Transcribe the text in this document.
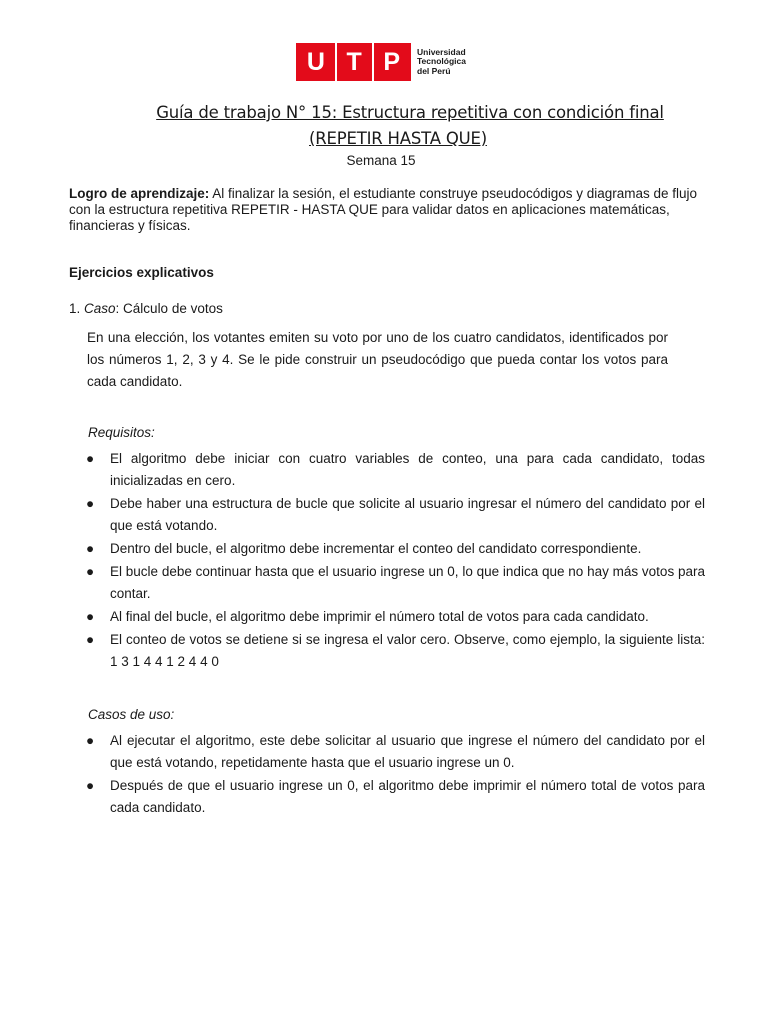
U T P Universidad
Tecnológica
del Perú
Guía de trabajo N° 15: Estructura repetitiva con condición final
(REPETIR HASTA QUE)
Semana 15
Logro de aprendizaje: Al finalizar la sesión, el estudiante construye pseudocódigos y diagramas de flujo con la estructura repetitiva REPETIR - HASTA QUE para validar datos en aplicaciones matemáticas, financieras y físicas.
Ejercicios explicativos
1. Caso: Cálculo de votos
En una elección, los votantes emiten su voto por uno de los cuatro candidatos, identificados por los números 1, 2, 3 y 4. Se le pide construir un pseudocódigo que pueda contar los votos para cada candidato.
Requisitos:
● El algoritmo debe iniciar con cuatro variables de conteo, una para cada candidato, todas inicializadas en cero.
● Debe haber una estructura de bucle que solicite al usuario ingresar el número del candidato por el que está votando.
● Dentro del bucle, el algoritmo debe incrementar el conteo del candidato correspondiente.
● El bucle debe continuar hasta que el usuario ingrese un 0, lo que indica que no hay más votos para contar.
● Al final del bucle, el algoritmo debe imprimir el número total de votos para cada candidato.
● El conteo de votos se detiene si se ingresa el valor cero. Observe, como ejemplo, la siguiente lista: 1 3 1 4 4 1 2 4 4 0
Casos de uso:
● Al ejecutar el algoritmo, este debe solicitar al usuario que ingrese el número del candidato por el que está votando, repetidamente hasta que el usuario ingrese un 0.
● Después de que el usuario ingrese un 0, el algoritmo debe imprimir el número total de votos para cada candidato.
